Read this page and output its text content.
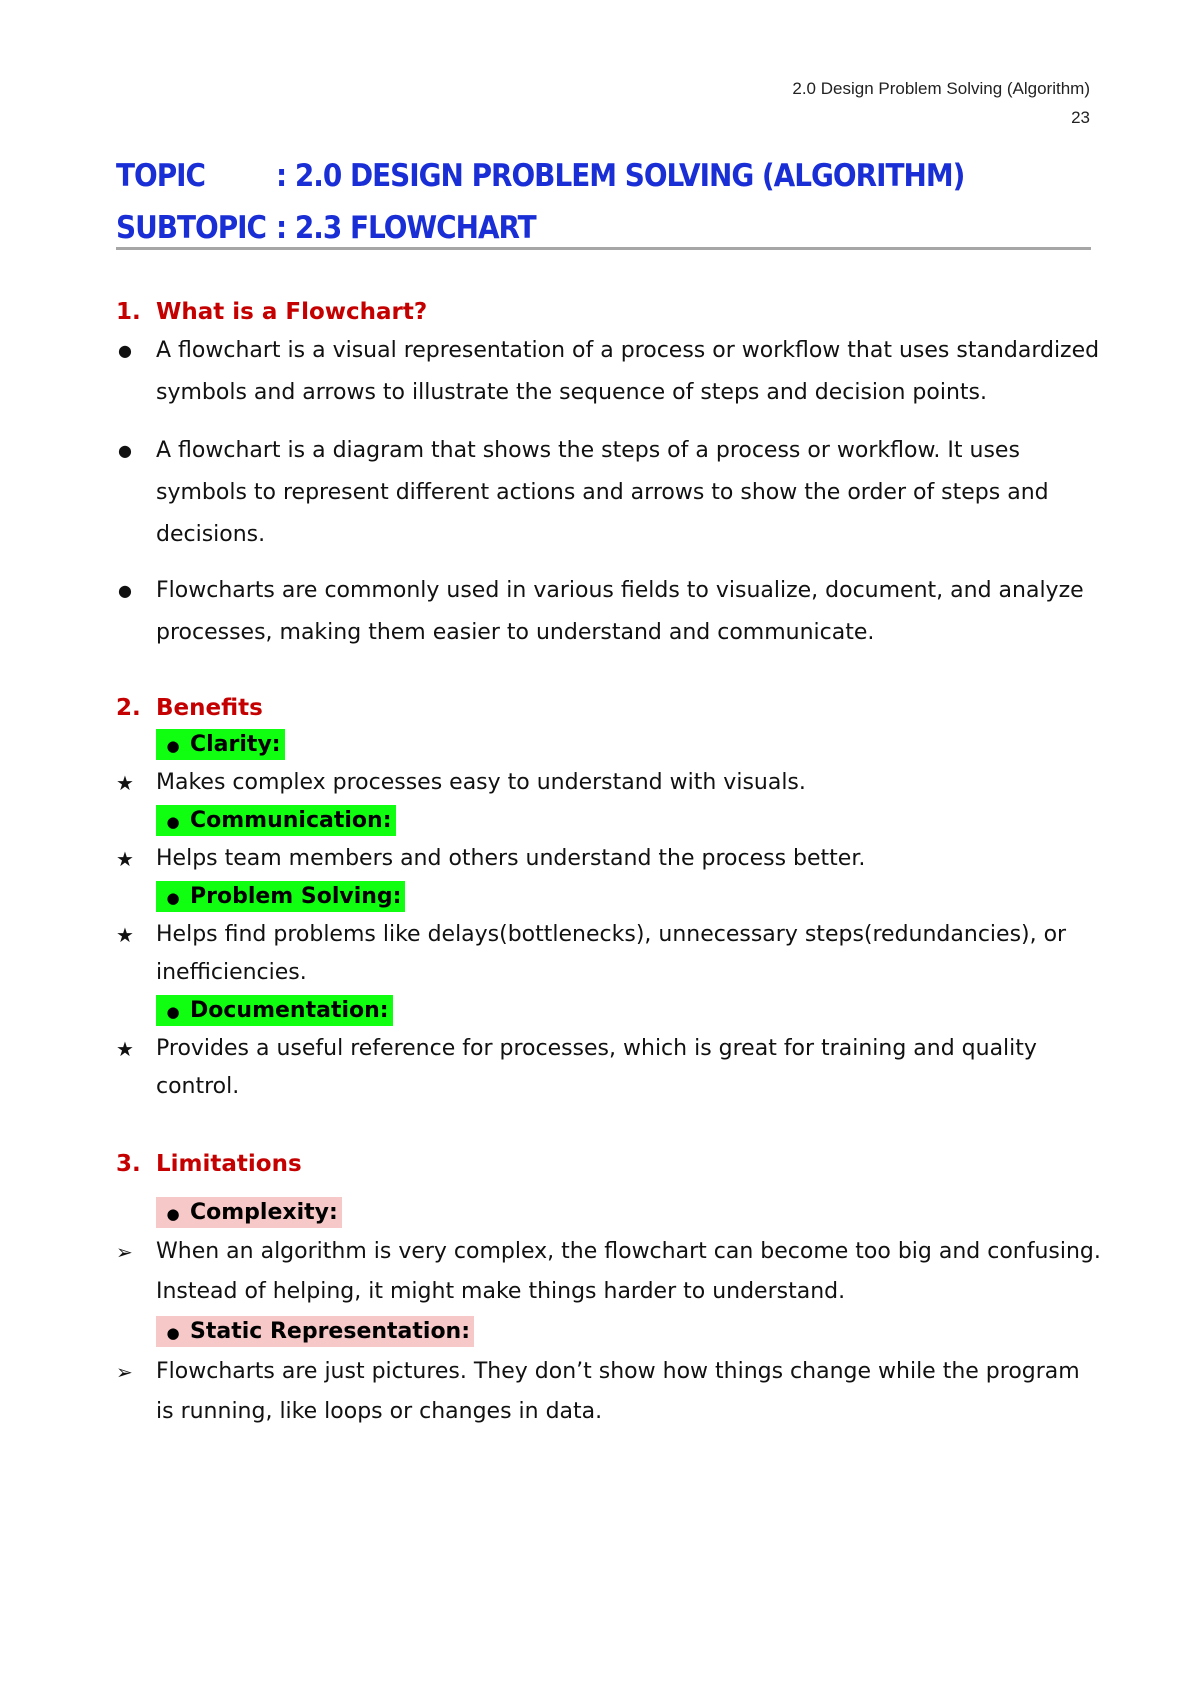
2.0 Design Problem Solving (Algorithm)
23
TOPIC	: 2.0 DESIGN PROBLEM SOLVING (ALGORITHM)
SUBTOPIC : 2.3 FLOWCHART
1. What is a Flowchart?
● A flowchart is a visual representation of a process or workflow that uses standardized symbols and arrows to illustrate the sequence of steps and decision points.
● A flowchart is a diagram that shows the steps of a process or workflow. It uses symbols to represent different actions and arrows to show the order of steps and decisions.
● Flowcharts are commonly used in various fields to visualize, document, and analyze processes, making them easier to understand and communicate.
2. Benefits
● Clarity:
★ Makes complex processes easy to understand with visuals.
● Communication:
★ Helps team members and others understand the process better.
● Problem Solving:
★ Helps find problems like delays(bottlenecks), unnecessary steps(redundancies), or inefficiencies.
● Documentation:
★ Provides a useful reference for processes, which is great for training and quality control.
3. Limitations
● Complexity:
➢ When an algorithm is very complex, the flowchart can become too big and confusing. Instead of helping, it might make things harder to understand.
● Static Representation:
➢ Flowcharts are just pictures. They don’t show how things change while the program is running, like loops or changes in data.
